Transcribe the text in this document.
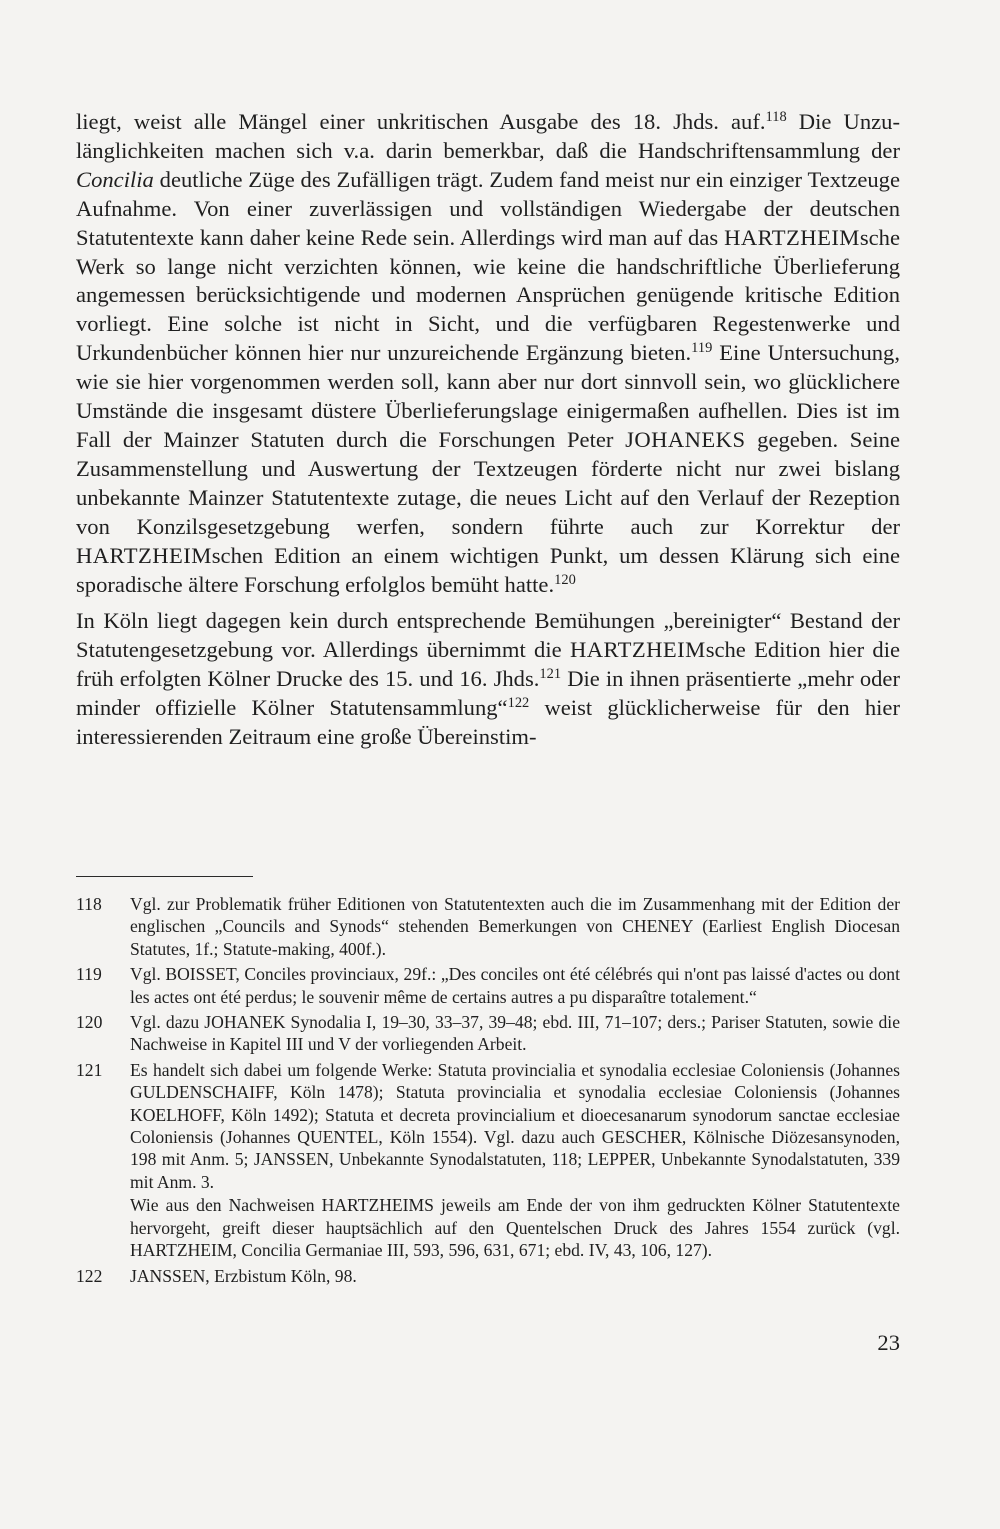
liegt, weist alle Mängel einer unkritischen Ausgabe des 18. Jhds. auf.$^{118}$ Die Unzulänglichkeiten machen sich v.a. darin bemerkbar, daß die Handschriftensammlung der Concilia deutliche Züge des Zufälligen trägt. Zudem fand meist nur ein einziger Textzeuge Aufnahme. Von einer zuverlässigen und vollständigen Wiedergabe der deutschen Statutentexte kann daher keine Rede sein. Allerdings wird man auf das HARTZHEIMsche Werk so lange nicht verzichten können, wie keine die handschriftliche Überlieferung angemessen berücksichtigende und modernen Ansprüchen genügende kritische Edition vorliegt. Eine solche ist nicht in Sicht, und die verfügbaren Regestenwerke und Urkundenbücher können hier nur unzureichende Ergänzung bieten.$^{119}$ Eine Untersuchung, wie sie hier vorgenommen werden soll, kann aber nur dort sinnvoll sein, wo glücklichere Umstände die insgesamt düstere Überlieferungslage einigermaßen aufhellen. Dies ist im Fall der Mainzer Statuten durch die Forschungen Peter JOHANEKS gegeben. Seine Zusammenstellung und Auswertung der Textzeugen förderte nicht nur zwei bislang unbekannte Mainzer Statutentexte zutage, die neues Licht auf den Verlauf der Rezeption von Konzilsgesetzgebung werfen, sondern führte auch zur Korrektur der HARTZHEIMschen Edition an einem wichtigen Punkt, um dessen Klärung sich eine sporadische ältere Forschung erfolglos bemüht hatte.$^{120}$

In Köln liegt dagegen kein durch entsprechende Bemühungen „bereinigter“ Bestand der Statutengesetzgebung vor. Allerdings übernimmt die HARTZHEIMsche Edition hier die früh erfolgten Kölner Drucke des 15. und 16. Jhds.$^{121}$ Die in ihnen präsentierte „mehr oder minder offizielle Kölner Statutensammlung“$^{122}$ weist glücklicherweise für den hier interessierenden Zeitraum eine große Übereinstim-

118	Vgl. zur Problematik früher Editionen von Statutentexten auch die im Zusammenhang mit der Edition der englischen „Councils and Synods“ stehenden Bemerkungen von CHENEY (Earliest English Diocesan Statutes, 1f.; Statute-making, 400f.).
119	Vgl. BOISSET, Conciles provinciaux, 29f.: „Des conciles ont été célébrés qui n'ont pas laissé d'actes ou dont les actes ont été perdus; le souvenir même de certains autres a pu disparaître totalement.“
120	Vgl. dazu JOHANEK Synodalia I, 19–30, 33–37, 39–48; ebd. III, 71–107; ders.; Pariser Statuten, sowie die Nachweise in Kapitel III und V der vorliegenden Arbeit.
121	Es handelt sich dabei um folgende Werke: Statuta provincialia et synodalia ecclesiae Coloniensis (Johannes GULDENSCHAIFF, Köln 1478); Statuta provincialia et synodalia ecclesiae Coloniensis (Johannes KOELHOFF, Köln 1492); Statuta et decreta provincialium et dioecesanarum synodorum sanctae ecclesiae Coloniensis (Johannes QUENTEL, Köln 1554). Vgl. dazu auch GESCHER, Kölnische Diözesansynoden, 198 mit Anm. 5; JANSSEN, Unbekannte Synodalstatuten, 118; LEPPER, Unbekannte Synodalstatuten, 339 mit Anm. 3.
Wie aus den Nachweisen HARTZHEIMS jeweils am Ende der von ihm gedruckten Kölner Statutentexte hervorgeht, greift dieser hauptsächlich auf den Quentelschen Druck des Jahres 1554 zurück (vgl. HARTZHEIM, Concilia Germaniae III, 593, 596, 631, 671; ebd. IV, 43, 106, 127).
122	JANSSEN, Erzbistum Köln, 98.
23
